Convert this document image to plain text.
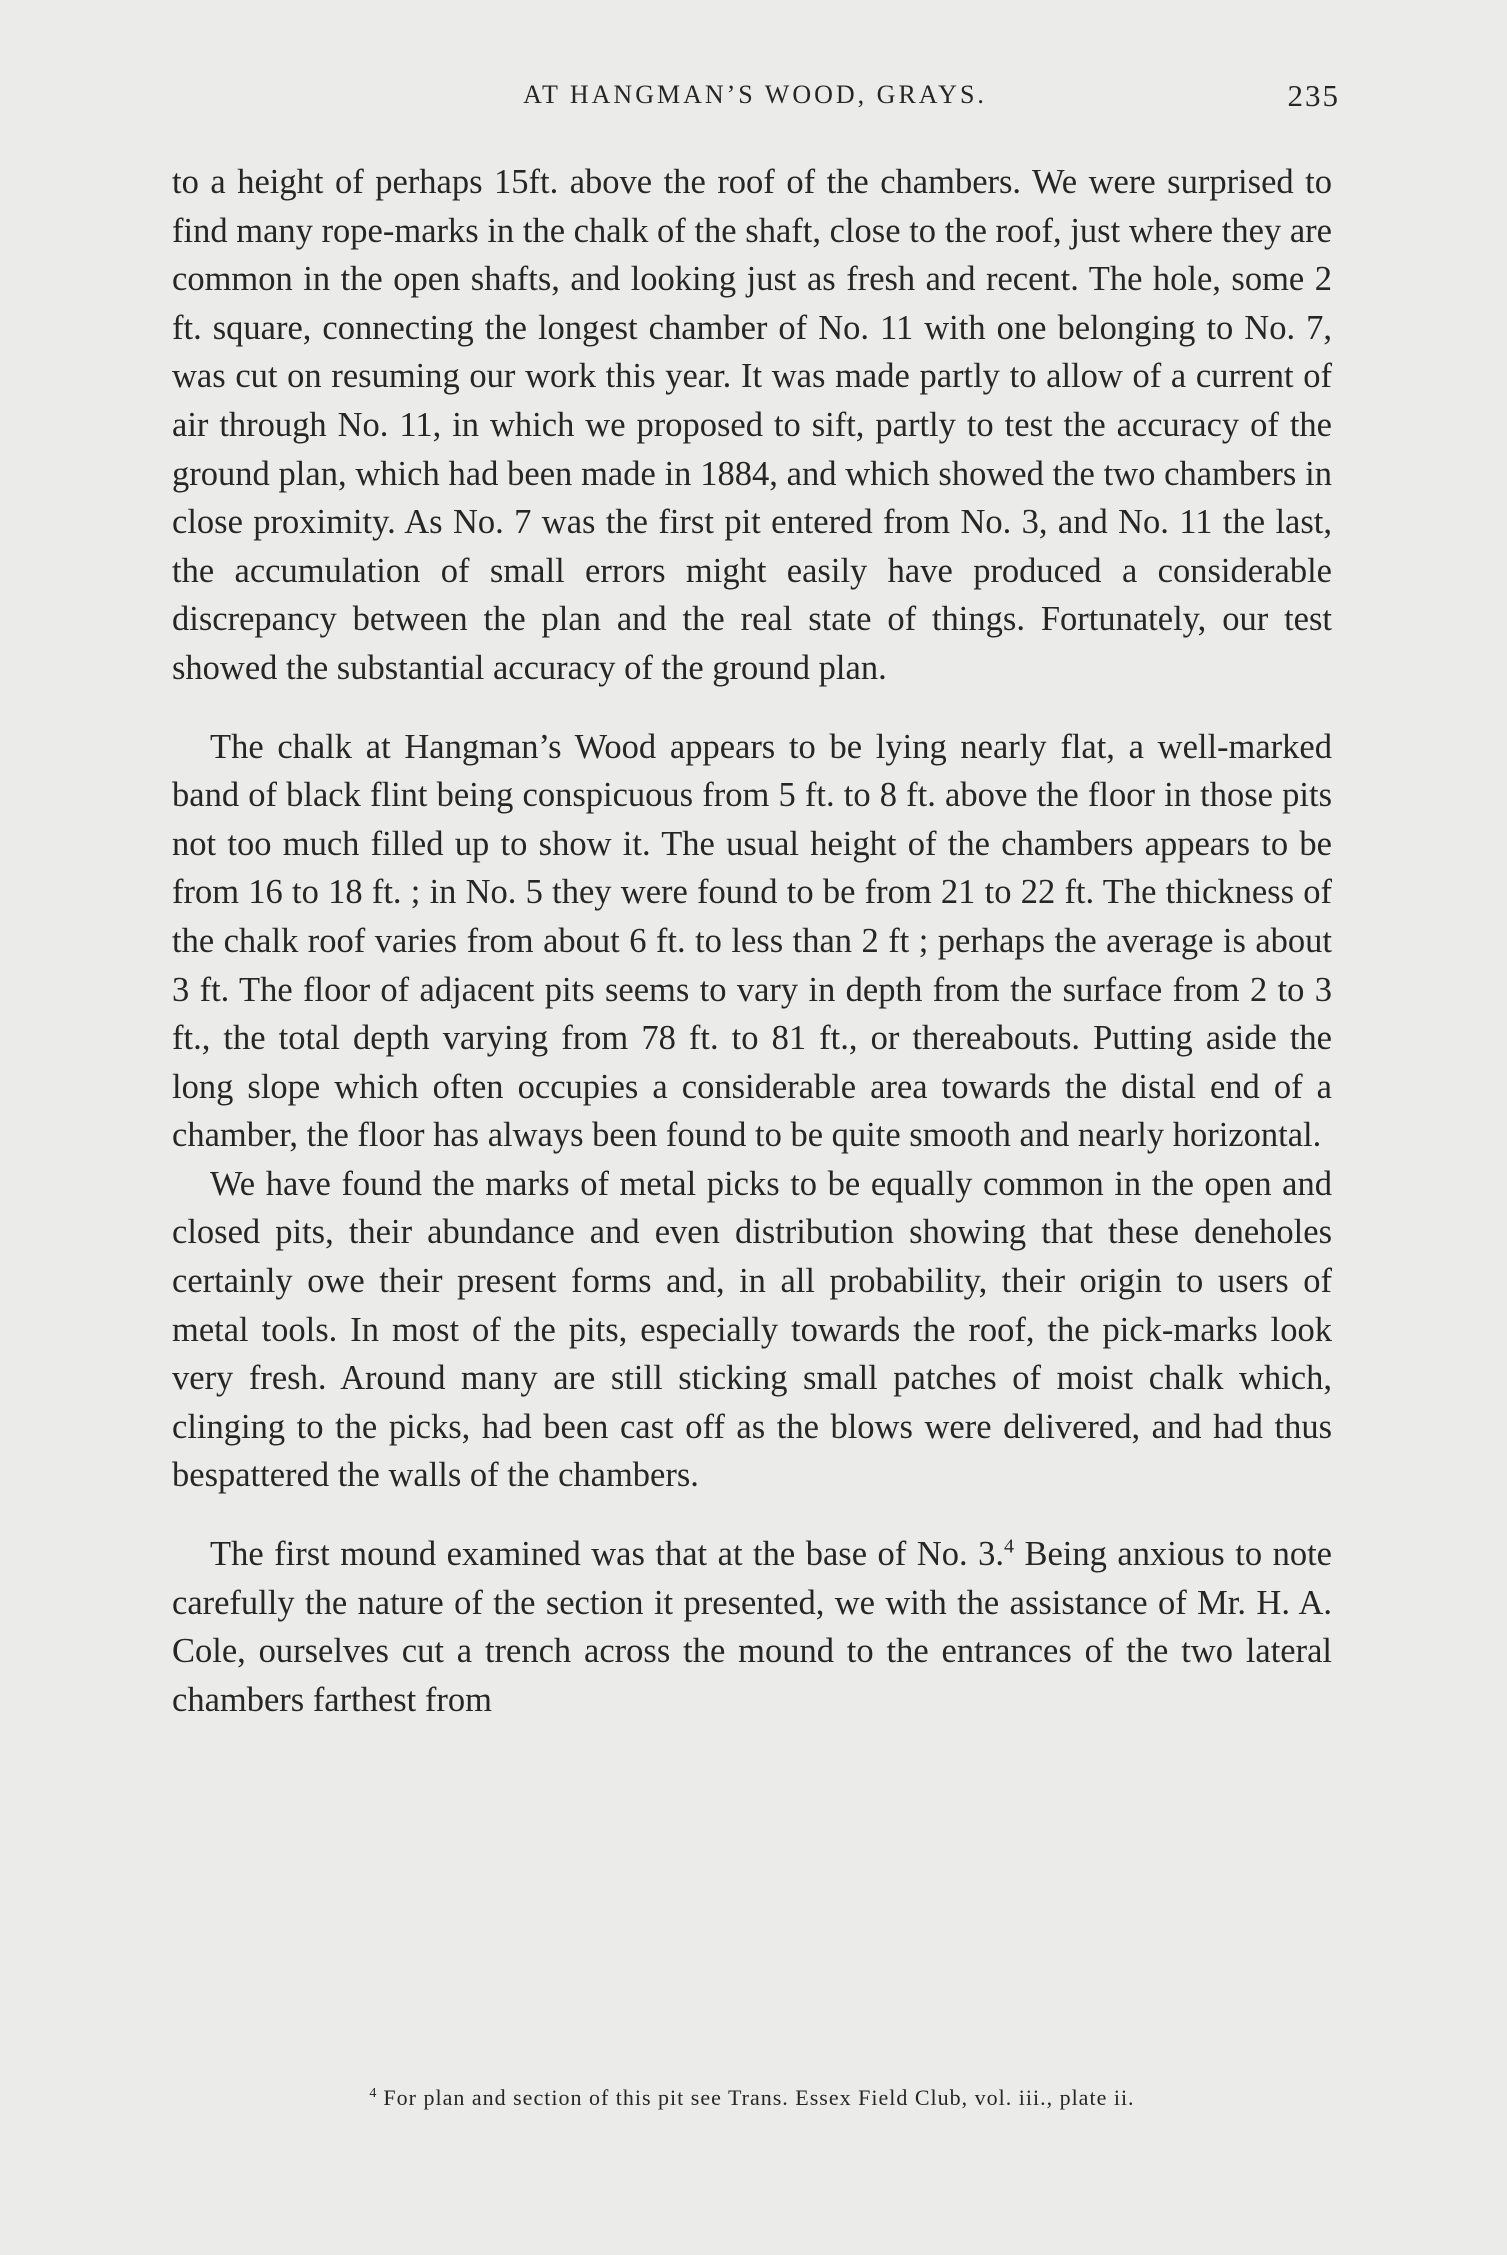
AT HANGMAN’S WOOD, GRAYS.	235

to a height of perhaps 15ft. above the roof of the chambers. We were surprised to find many rope-marks in the chalk of the shaft, close to the roof, just where they are common in the open shafts, and looking just as fresh and recent. The hole, some 2 ft. square, connecting the longest chamber of No. 11 with one belonging to No. 7, was cut on resuming our work this year. It was made partly to allow of a current of air through No. 11, in which we proposed to sift, partly to test the accuracy of the ground plan, which had been made in 1884, and which showed the two chambers in close proximity. As No. 7 was the first pit entered from No. 3, and No. 11 the last, the accumulation of small errors might easily have produced a considerable discrepancy between the plan and the real state of things. Fortunately, our test showed the substantial accuracy of the ground plan.

The chalk at Hangman’s Wood appears to be lying nearly flat, a well-marked band of black flint being conspicuous from 5 ft. to 8 ft. above the floor in those pits not too much filled up to show it. The usual height of the chambers appears to be from 16 to 18 ft. ; in No. 5 they were found to be from 21 to 22 ft. The thickness of the chalk roof varies from about 6 ft. to less than 2 ft ; perhaps the average is about 3 ft. The floor of adjacent pits seems to vary in depth from the surface from 2 to 3 ft., the total depth varying from 78 ft. to 81 ft., or thereabouts. Putting aside the long slope which often occupies a considerable area towards the distal end of a chamber, the floor has always been found to be quite smooth and nearly horizontal.

We have found the marks of metal picks to be equally common in the open and closed pits, their abundance and even distribution showing that these deneholes certainly owe their present forms and, in all probability, their origin to users of metal tools. In most of the pits, especially towards the roof, the pick-marks look very fresh. Around many are still sticking small patches of moist chalk which, clinging to the picks, had been cast off as the blows were delivered, and had thus bespattered the walls of the chambers.

The first mound examined was that at the base of No. 3.$^4$ Being anxious to note carefully the nature of the section it presented, we with the assistance of Mr. H. A. Cole, ourselves cut a trench across the mound to the entrances of the two lateral chambers farthest from

$^4$ For plan and section of this pit see Trans. Essex Field Club, vol. iii., plate ii.
